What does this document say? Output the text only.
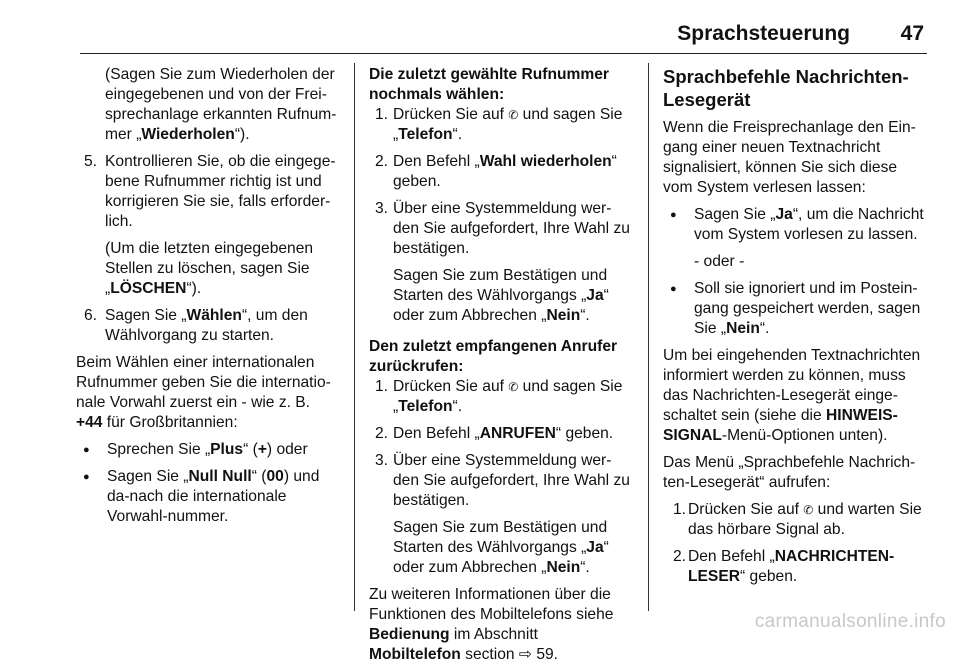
Sprachsteuerung 47

(Sagen Sie zum Wiederholen der eingegebenen und von der Frei-sprechanlage erkannten Rufnum-mer „Wiederholen“).

5. Kontrollieren Sie, ob die eingege-bene Rufnummer richtig ist und korrigieren Sie sie, falls erforder-lich.

(Um die letzten eingegebenen Stellen zu löschen, sagen Sie „LÖSCHEN“).

6. Sagen Sie „Wählen“, um den Wählvorgang zu starten.

Beim Wählen einer internationalen Rufnummer geben Sie die internatio-nale Vorwahl zuerst ein - wie z. B. +44 für Großbritannien:

●	Sprechen Sie „Plus“ (+) oder

●	Sagen Sie „Null Null“ (00) und da-nach die internationale Vorwahl-nummer.

Die zuletzt gewählte Rufnummer nochmals wählen:

1. Drücken Sie auf ✆ und sagen Sie „Telefon“.

2. Den Befehl „Wahl wiederholen“ geben.

3. Über eine Systemmeldung wer-den Sie aufgefordert, Ihre Wahl zu bestätigen.

Sagen Sie zum Bestätigen und Starten des Wählvorgangs „Ja“ oder zum Abbrechen „Nein“.

Den zuletzt empfangenen Anrufer zurückrufen:

1. Drücken Sie auf ✆ und sagen Sie „Telefon“.

2. Den Befehl „ANRUFEN“ geben.

3. Über eine Systemmeldung wer-den Sie aufgefordert, Ihre Wahl zu bestätigen.

Sagen Sie zum Bestätigen und Starten des Wählvorgangs „Ja“ oder zum Abbrechen „Nein“.

Zu weiteren Informationen über die Funktionen des Mobiltelefons siehe Bedienung im Abschnitt Mobiltelefon section ⇨ 59.

Sprachbefehle Nachrichten-Lesegerät

Wenn die Freisprechanlage den Ein-gang einer neuen Textnachricht signalisiert, können Sie sich diese vom System verlesen lassen:

●	Sagen Sie „Ja“, um die Nachricht vom System vorlesen zu lassen.

- oder -

●	Soll sie ignoriert und im Postein-gang gespeichert werden, sagen Sie „Nein“.

Um bei eingehenden Textnachrichten informiert werden zu können, muss das Nachrichten-Lesegerät einge-schaltet sein (siehe die HINWEIS-SIGNAL-Menü-Optionen unten).

Das Menü „Sprachbefehle Nachrich-ten-Lesegerät“ aufrufen:

1. Drücken Sie auf ✆ und warten Sie das hörbare Signal ab.

2. Den Befehl „NACHRICHTEN-LESER“ geben.

carmanualsonline.info
